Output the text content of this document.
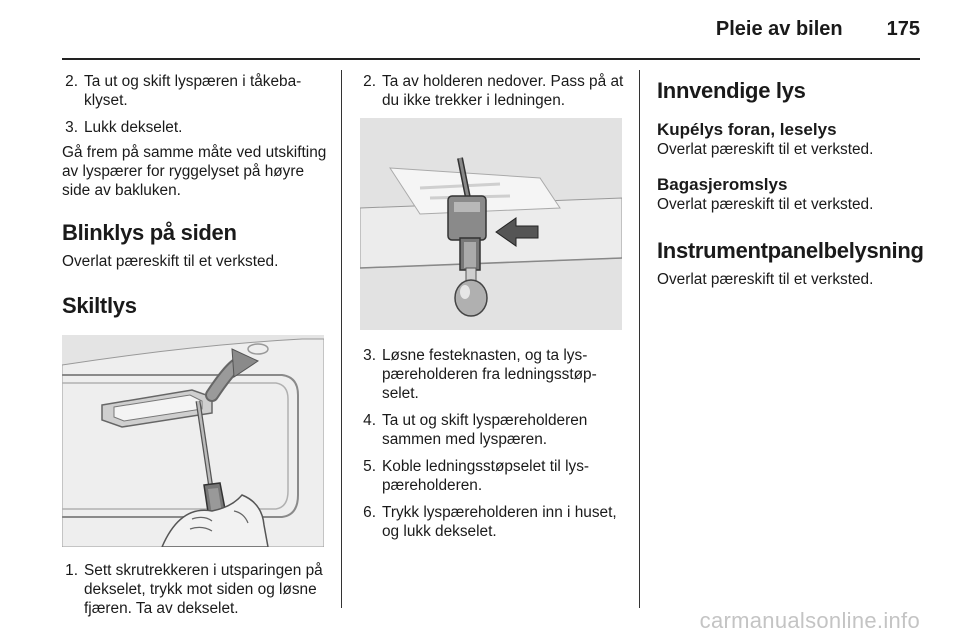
Pleie av bilen 175
2. Ta ut og skift lyspæren i tåkebaklyset.
3. Lukk dekselet.

Gå frem på samme måte ved utskifting av lyspærer for ryggelyset på høyre side av bakluken.

Blinklys på siden

Overlat pæreskift til et verksted.

Skiltlys
1. Sett skrutrekkeren i utsparingen på dekselet, trykk mot siden og løsne fjæren. Ta av dekselet.
2. Ta av holderen nedover. Pass på at du ikke trekker i ledningen.
3. Løsne festeknasten, og ta lyspæreholderen fra ledningsstøpselet.
4. Ta ut og skift lyspæreholderen sammen med lyspæren.
5. Koble ledningsstøpselet til lyspæreholderen.
6. Trykk lyspæreholderen inn i huset, og lukk dekselet.
Innvendige lys
Kupélys foran, leselys

Overlat pæreskift til et verksted.

Bagasjeromslys

Overlat pæreskift til et verksted.

Instrumentpanelbelysning

Overlat pæreskift til et verksted.

carmanualsonline.info
